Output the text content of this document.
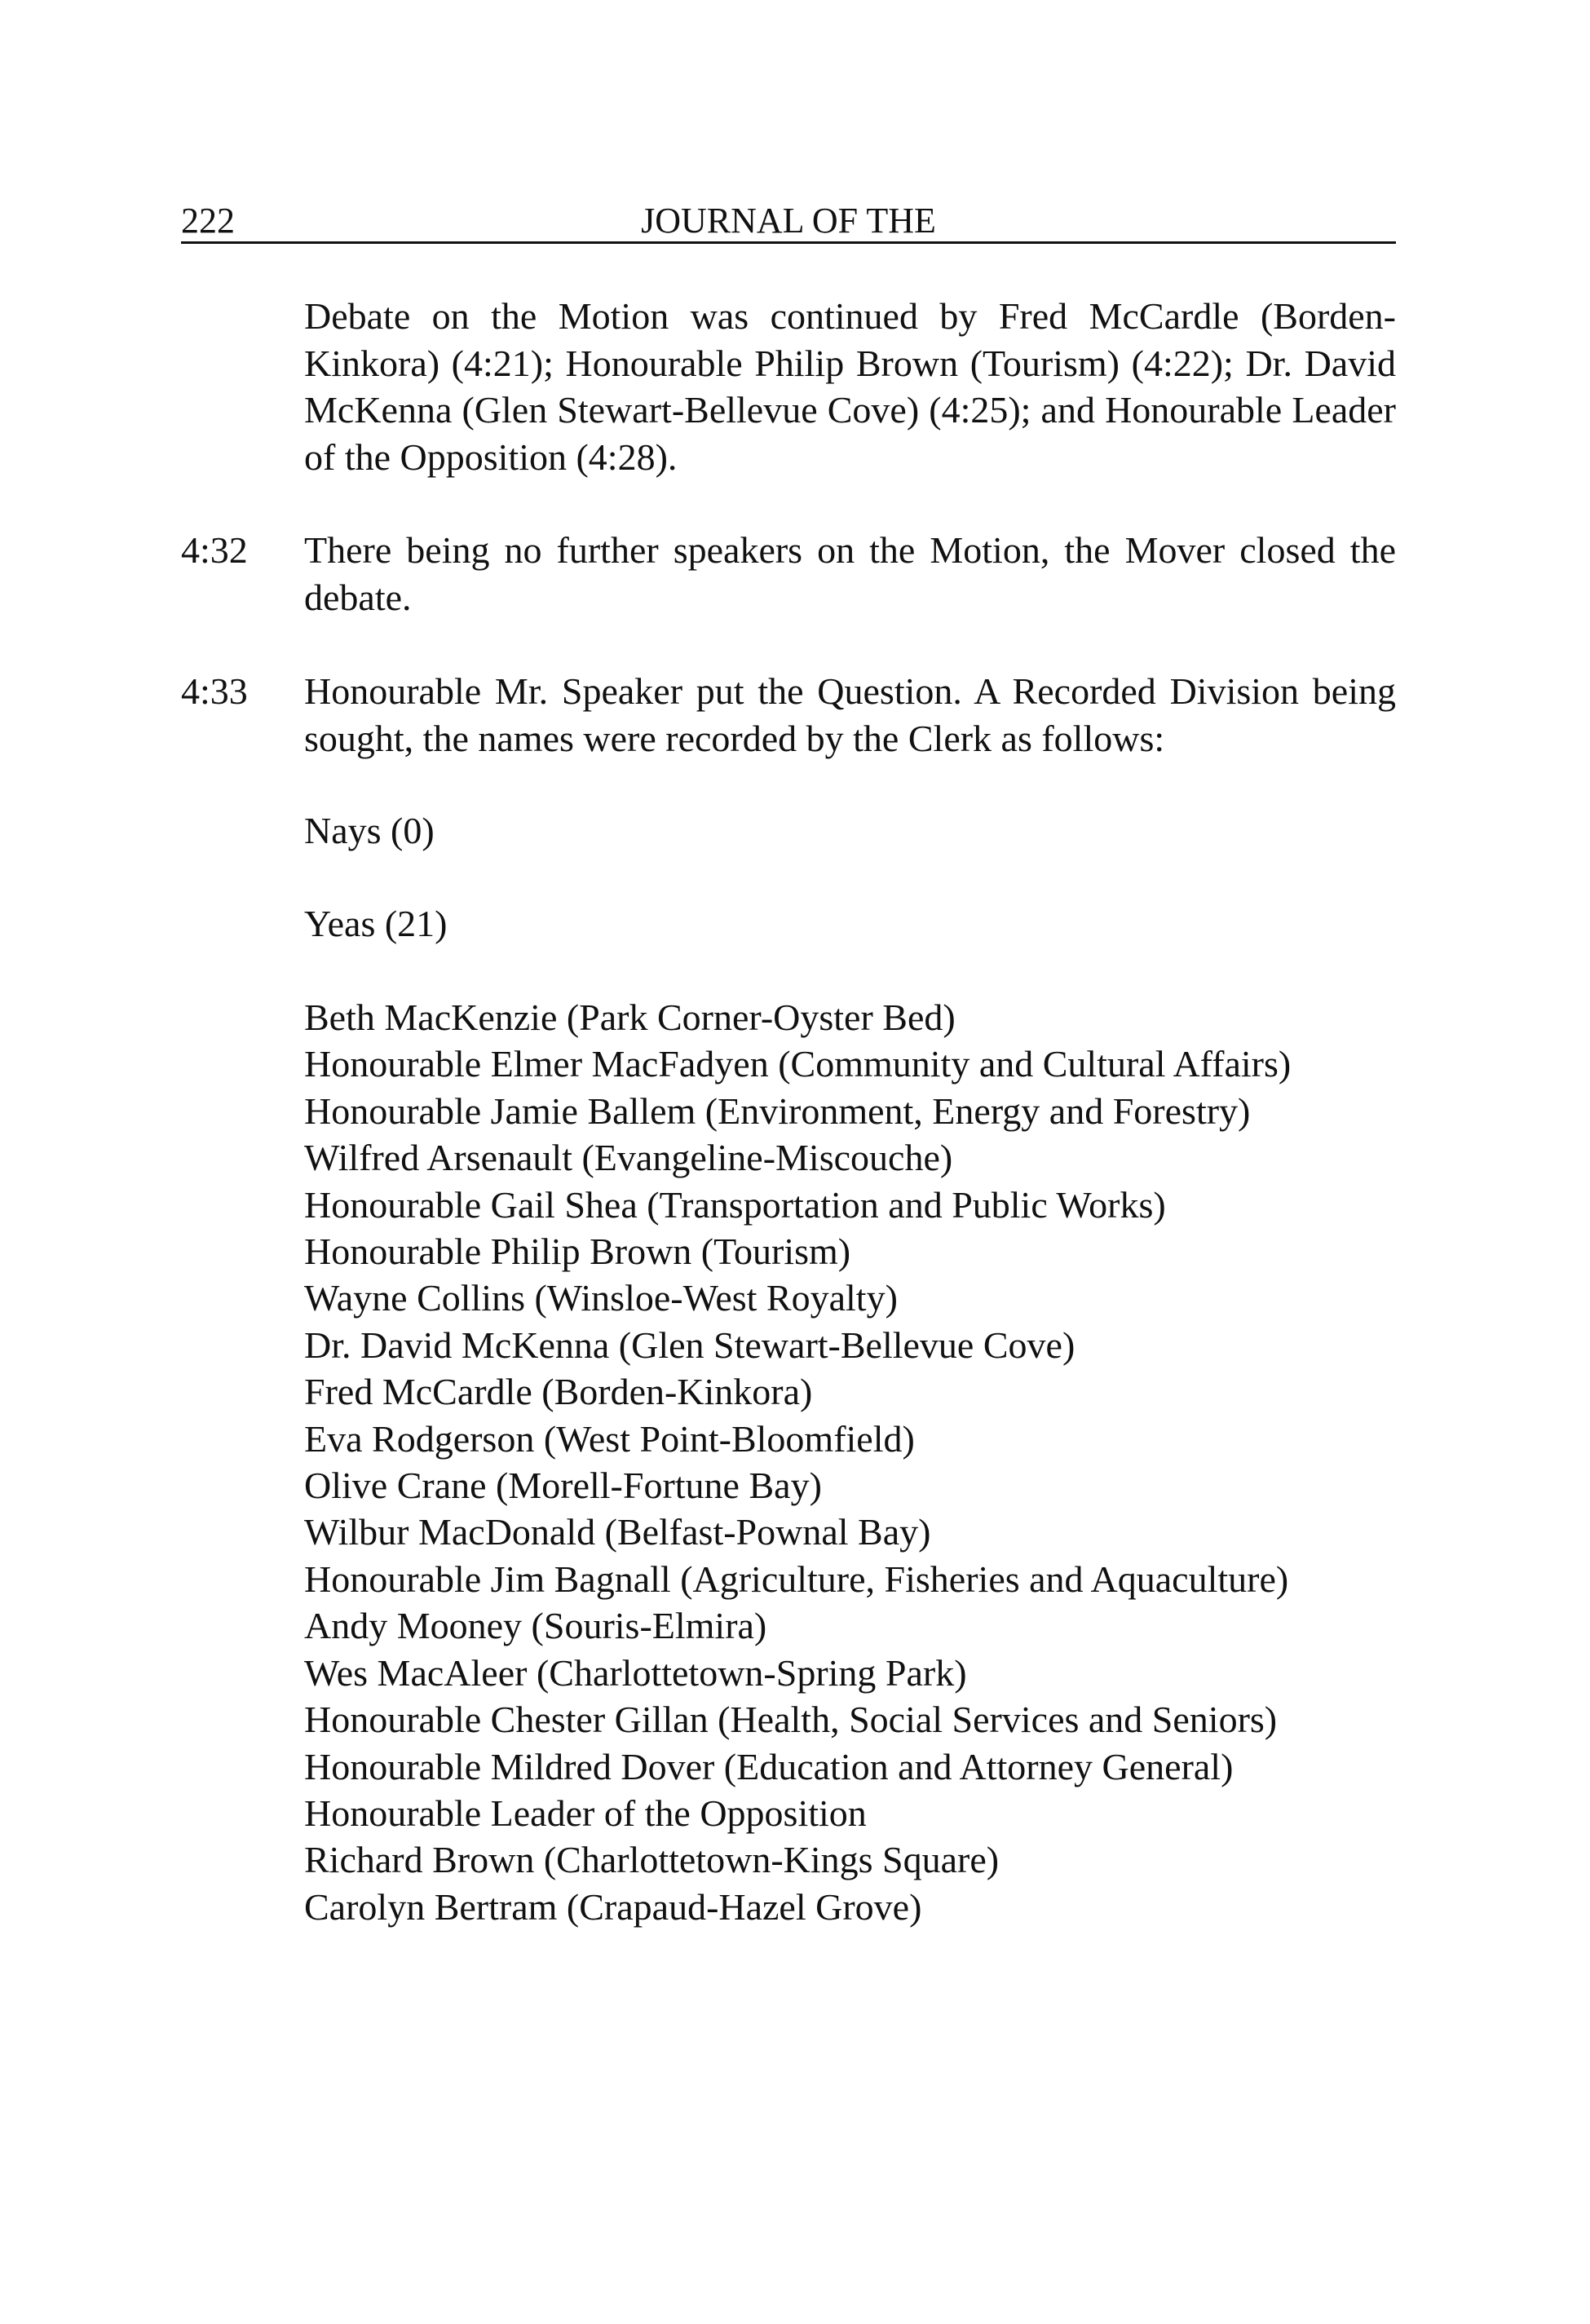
222	JOURNAL OF THE
Debate on the Motion was continued by Fred McCardle (Borden-Kinkora) (4:21); Honourable Philip Brown (Tourism) (4:22); Dr. David McKenna (Glen Stewart-Bellevue Cove) (4:25); and Honourable Leader of the Opposition (4:28).
4:32 There being no further speakers on the Motion, the Mover closed the debate.
4:33 Honourable Mr. Speaker put the Question. A Recorded Division being sought, the names were recorded by the Clerk as follows:
Nays (0)
Yeas (21)
Beth MacKenzie (Park Corner-Oyster Bed)
Honourable Elmer MacFadyen (Community and Cultural Affairs)
Honourable Jamie Ballem (Environment, Energy and Forestry)
Wilfred Arsenault (Evangeline-Miscouche)
Honourable Gail Shea (Transportation and Public Works)
Honourable Philip Brown (Tourism)
Wayne Collins (Winsloe-West Royalty)
Dr. David McKenna (Glen Stewart-Bellevue Cove)
Fred McCardle (Borden-Kinkora)
Eva Rodgerson (West Point-Bloomfield)
Olive Crane (Morell-Fortune Bay)
Wilbur MacDonald (Belfast-Pownal Bay)
Honourable Jim Bagnall (Agriculture, Fisheries and Aquaculture)
Andy Mooney (Souris-Elmira)
Wes MacAleer (Charlottetown-Spring Park)
Honourable Chester Gillan (Health, Social Services and Seniors)
Honourable Mildred Dover (Education and Attorney General)
Honourable Leader of the Opposition
Richard Brown (Charlottetown-Kings Square)
Carolyn Bertram (Crapaud-Hazel Grove)
